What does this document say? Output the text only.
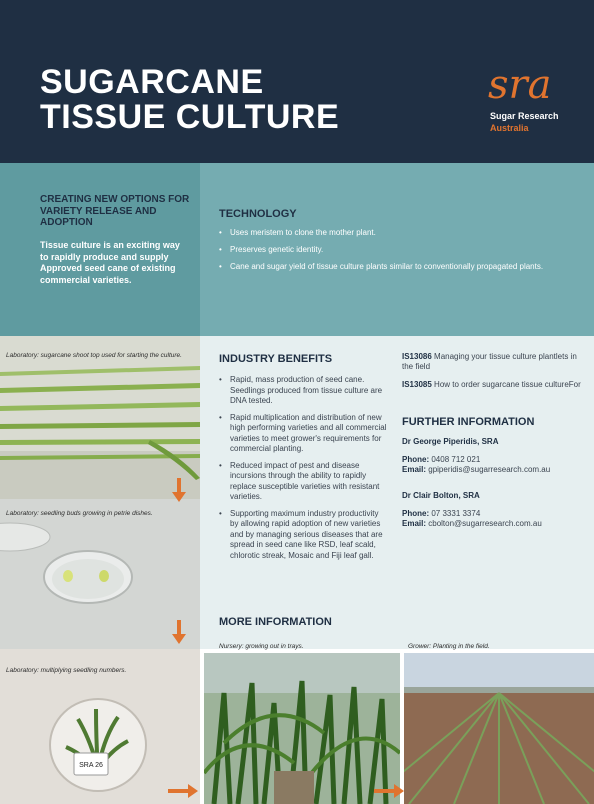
SUGARCANE
TISSUE CULTURE
sra
Sugar Research
Australia
CREATING NEW OPTIONS FOR VARIETY RELEASE AND ADOPTION
Tissue culture is an exciting way to rapidly produce and supply Approved seed cane of existing commercial varieties.
TECHNOLOGY
• Uses meristem to clone the mother plant.
• Preserves genetic identity.
• Cane and sugar yield of tissue culture plants similar to conventionally propagated plants.
INDUSTRY BENEFITS
• Rapid, mass production of seed cane. Seedlings produced from tissue culture are DNA tested.
• Rapid multiplication and distribution of new high performing varieties and all commercial varieties to meet grower's requirements for commercial planting.
• Reduced impact of pest and disease incursions through the ability to rapidly replace susceptible varieties with resistant varieties.
• Supporting maximum industry productivity by allowing rapid adoption of new varieties and by managing serious diseases that are spread in seed cane like RSD, leaf scald, chlorotic streak, Mosaic and Fiji leaf gall.
MORE INFORMATION
IS13086 Managing your tissue culture plantlets in the field
IS13085 How to order sugarcane tissue cultureFor
FURTHER INFORMATION
Dr George Piperidis, SRA
Phone: 0408 712 021
Email: gpiperidis@sugarresearch.com.au
Dr Clair Bolton, SRA
Phone: 07 3331 3374
Email: cbolton@sugarresearch.com.au
Laboratory: sugarcane shoot top used for starting the culture.
Laboratory: seedling buds growing in petrie dishes.
SRA 26
Laboratory: multiplying seedling numbers.
Nursery: growing out in trays.	Grower: Planting in the field.
